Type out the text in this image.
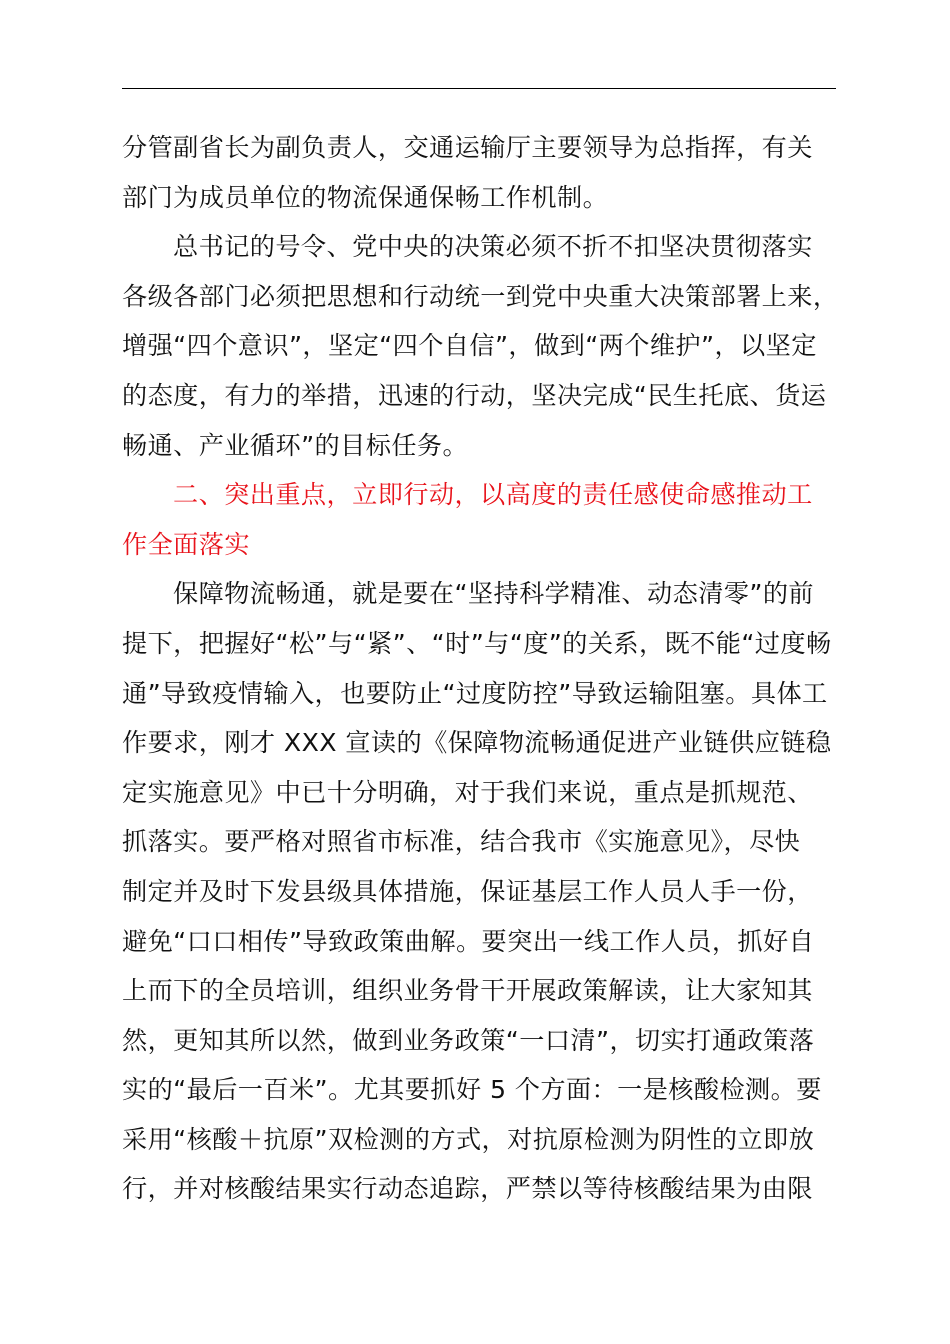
分管副省长为副负责人，交通运输厅主要领导为总指挥，有关
部门为成员单位的物流保通保畅工作机制。
总书记的号令、党中央的决策必须不折不扣坚决贯彻落实
各级各部门必须把思想和行动统一到党中央重大决策部署上来，
增强“四个意识”，坚定“四个自信”，做到“两个维护”，以坚定
的态度，有力的举措，迅速的行动，坚决完成“民生托底、货运
畅通、产业循环”的目标任务。
二、突出重点，立即行动，以高度的责任感使命感推动工
作全面落实
保障物流畅通，就是要在“坚持科学精准、动态清零”的前
提下，把握好“松”与“紧”、“时”与“度”的关系，既不能“过度畅
通”导致疫情输入，也要防止“过度防控”导致运输阻塞。具体工
作要求，刚才 XXX 宣读的《保障物流畅通促进产业链供应链稳
定实施意见》中已十分明确，对于我们来说，重点是抓规范、
抓落实。要严格对照省市标准，结合我市《实施意见》，尽快
制定并及时下发县级具体措施，保证基层工作人员人手一份，
避免“口口相传”导致政策曲解。要突出一线工作人员，抓好自
上而下的全员培训，组织业务骨干开展政策解读，让大家知其
然，更知其所以然，做到业务政策“一口清”，切实打通政策落
实的“最后一百米”。尤其要抓好 5 个方面：一是核酸检测。要
采用“核酸＋抗原”双检测的方式，对抗原检测为阴性的立即放
行，并对核酸结果实行动态追踪，严禁以等待核酸结果为由限
